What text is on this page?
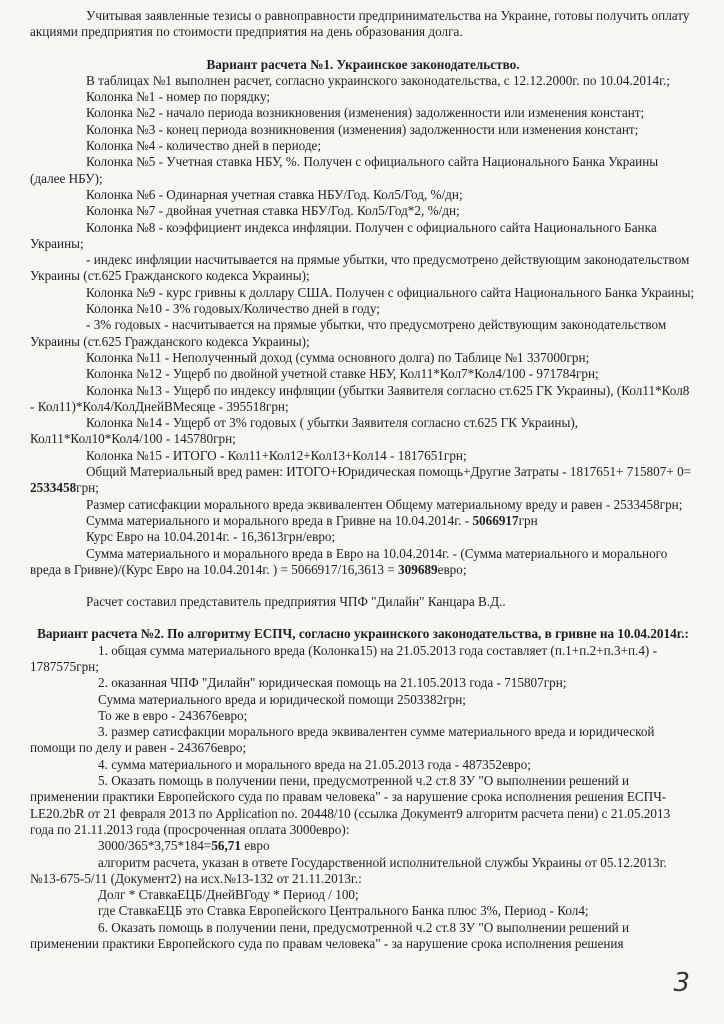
Учитывая заявленные тезисы о равноправности предпринимательства на Украине, готовы получить оплату акциями предприятия по стоимости предприятия на день образования долга.

Вариант расчета №1. Украинское законодательство.

В таблицах №1 выполнен расчет, согласно украинского законодательства, с 12.12.2000г. по 10.04.2014г.;

Колонка №1 - номер по порядку;

Колонка №2 - начало периода возникновения (изменения) задолженности или изменения констант;

Колонка №3 - конец периода возникновения (изменения) задолженности или изменения констант;

Колонка №4 - количество дней в периоде;

Колонка №5 - Учетная ставка НБУ, %. Получен с официального сайта Национального Банка Украины (далее НБУ);

Колонка №6 - Одинарная учетная ставка НБУ/Год. Кол5/Год, %/дн;

Колонка №7 - двойная учетная ставка НБУ/Год. Кол5/Год*2, %/дн;

Колонка №8 - коэффициент индекса инфляции. Получен с официального сайта Национального Банка Украины;

- индекс инфляции насчитывается на прямые убытки, что предусмотрено действующим законодательством Украины (ст.625 Гражданского кодекса Украины);

Колонка №9 - курс гривны к доллару США. Получен с официального сайта Национального Банка Украины;

Колонка №10 - 3% годовых/Количество дней в году;

- 3% годовых - насчитывается на прямые убытки, что предусмотрено действующим законодательством Украины (ст.625 Гражданского кодекса Украины);

Колонка №11 - Неполученный доход (сумма основного долга) по Таблице №1 337000грн;

Колонка №12 - Ущерб по двойной учетной ставке НБУ, Кол11*Кол7*Кол4/100 - 971784грн;

Колонка №13 - Ущерб по индексу инфляции (убытки Заявителя согласно ст.625 ГК Украины), (Кол11*Кол8 - Кол11)*Кол4/КолДнейВМесяце - 395518грн;

Колонка №14 - Ущерб от 3% годовых ( убытки Заявителя согласно ст.625 ГК Украины), Кол11*Кол10*Кол4/100 - 145780грн;

Колонка №15 - ИТОГО - Кол11+Кол12+Кол13+Кол14 - 1817651грн;

Общий Материальный вред рамен: ИТОГО+Юридическая помощь+Другие Затраты - 1817651+ 715807+ 0= 2533458грн;

Размер сатисфакции морального вреда эквивалентен Общему материальному вреду и равен - 2533458грн;

Сумма материального и морального вреда в Гривне на 10.04.2014г. - 5066917грн

Курс Евро на 10.04.2014г. - 16,3613грн/евро;

Сумма материального и морального вреда в Евро на 10.04.2014г. - (Сумма материального и морального вреда в Гривне)/(Курс Евро на 10.04.2014г. ) = 5066917/16,3613 = 309689евро;

Расчет составил представитель предприятия ЧПФ "Дилайн" Канцара В.Д..

Вариант расчета №2. По алгоритму ЕСПЧ, согласно украинского законодательства, в гривне на 10.04.2014г.:

1. общая сумма материального вреда (Колонка15) на 21.05.2013 года составляет (п.1+п.2+п.3+п.4) - 1787575грн;

2. оказанная ЧПФ "Дилайн" юридическая помощь на 21.105.2013 года - 715807грн;

Сумма материального вреда и юридической помощи 2503382грн;

То же в евро - 243676евро;

3. размер сатисфакции морального вреда эквивалентен сумме материального вреда и юридической помощи по делу и равен - 243676евро;

4. сумма материального и морального вреда на 21.05.2013 года - 487352евро;

5. Оказать помощь в получении пени, предусмотренной ч.2 ст.8 ЗУ "О выполнении решений и применении практики Европейского суда по правам человека" - за нарушение срока исполнения решения ЕСПЧ-LE20.2bR от 21 февраля 2013 по Application no. 20448/10 (ссылка Документ9 алгоритм расчета пени) с 21.05.2013 года по 21.11.2013 года (просроченная оплата 3000евро):

3000/365*3,75*184=56,71 евро

алгоритм расчета, указан в ответе Государственной исполнительной службы Украины от 05.12.2013г. №13-675-5/11 (Документ2) на исх.№13-132 от 21.11.2013г.:

Долг * СтавкаЕЦБ/ДнейВГоду * Период / 100;

где СтавкаЕЦБ это Ставка Европейского Центрального Банка плюс 3%, Период - Кол4;

6. Оказать помощь в получении пени, предусмотренной ч.2 ст.8 ЗУ "О выполнении решений и применении практики Европейского суда по правам человека" - за нарушение срока исполнения решения

3
